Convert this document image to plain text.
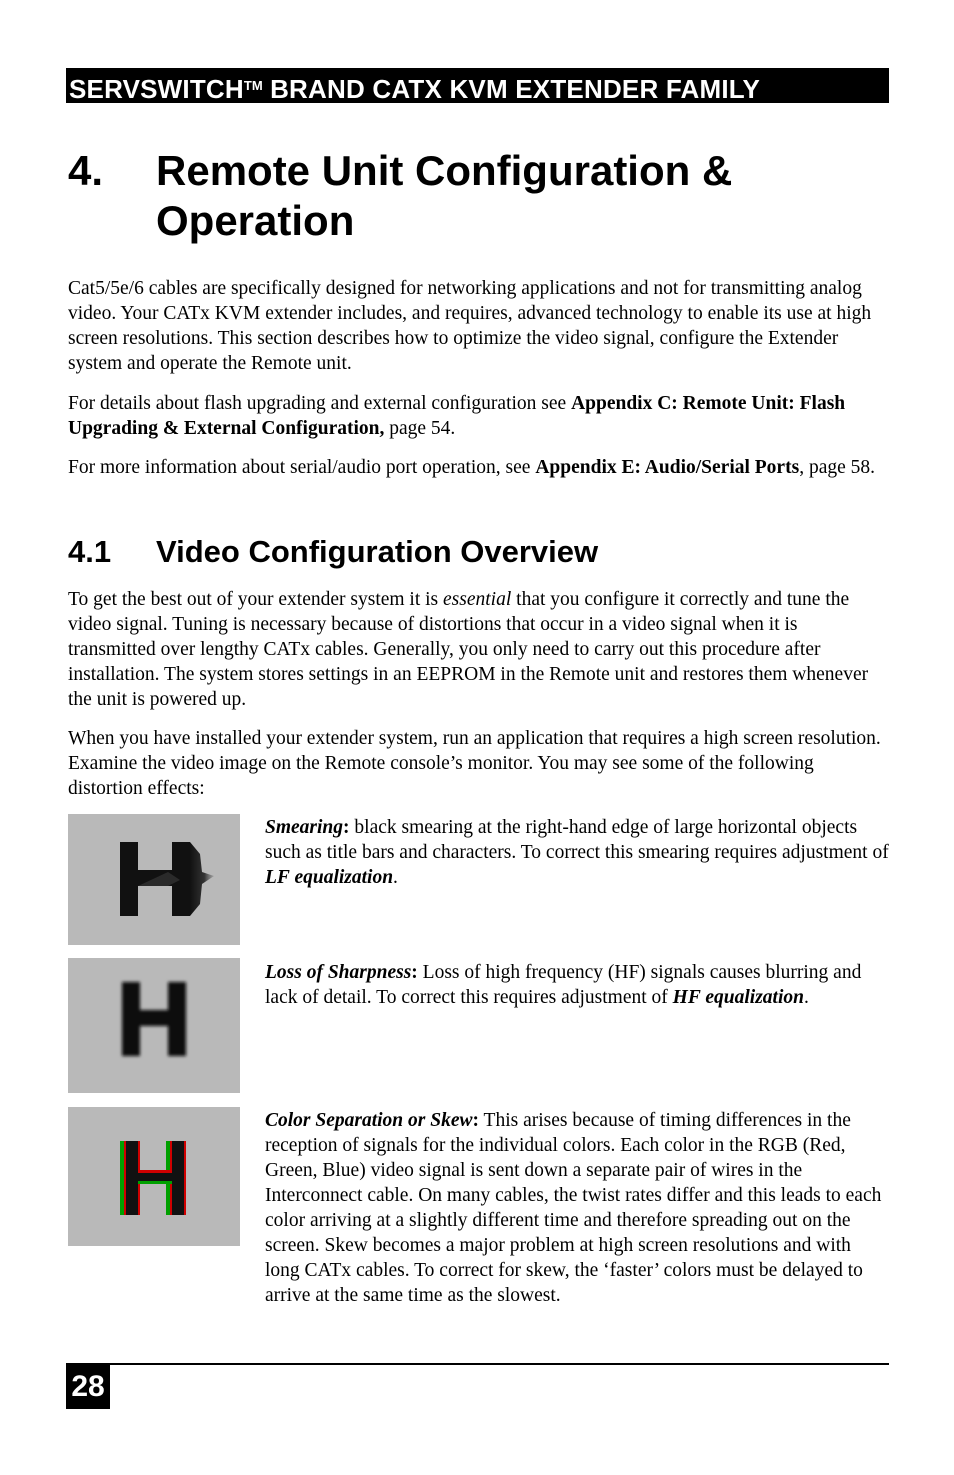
SERVSWITCH™ BRAND CATX KVM EXTENDER FAMILY
4. Remote Unit Configuration &
Operation

Cat5/5e/6 cables are specifically designed for networking applications and not for transmitting analog video. Your CATx KVM extender includes, and requires, advanced technology to enable its use at high screen resolutions. This section describes how to optimize the video signal, configure the Extender system and operate the Remote unit.

For details about flash upgrading and external configuration see Appendix C: Remote Unit: Flash Upgrading & External Configuration, page 54.

For more information about serial/audio port operation, see Appendix E: Audio/Serial Ports, page 58.

4.1 Video Configuration Overview

To get the best out of your extender system it is essential that you configure it correctly and tune the video signal. Tuning is necessary because of distortions that occur in a video signal when it is transmitted over lengthy CATx cables. Generally, you only need to carry out this procedure after installation. The system stores settings in an EEPROM in the Remote unit and restores them whenever the unit is powered up.

When you have installed your extender system, run an application that requires a high screen resolution. Examine the video image on the Remote console’s monitor. You may see some of the following distortion effects:

Smearing: black smearing at the right-hand edge of large horizontal objects such as title bars and characters. To correct this smearing requires adjustment of LF equalization.

Loss of Sharpness: Loss of high frequency (HF) signals causes blurring and lack of detail. To correct this requires adjustment of HF equalization.

Color Separation or Skew: This arises because of timing differences in the reception of signals for the individual colors. Each color in the RGB (Red, Green, Blue) video signal is sent down a separate pair of wires in the Interconnect cable. On many cables, the twist rates differ and this leads to each color arriving at a slightly different time and therefore spreading out on the screen. Skew becomes a major problem at high screen resolutions and with long CATx cables. To correct for skew, the ‘faster’ colors must be delayed to arrive at the same time as the slowest.

28
